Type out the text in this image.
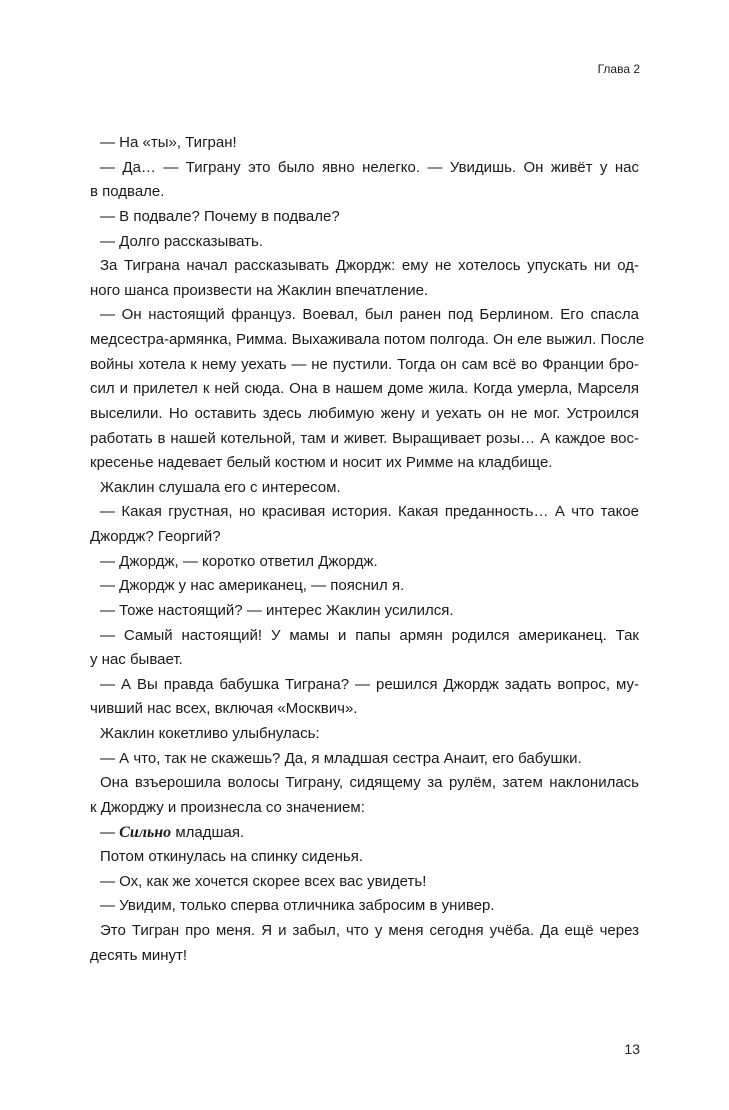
Глава 2
— На «ты», Тигран!
— Да… — Тиграну это было явно нелегко. — Увидишь. Он живёт у нас
в подвале.
— В подвале? Почему в подвале?
— Долго рассказывать.
За Тиграна начал рассказывать Джордж: ему не хотелось упускать ни од-
ного шанса произвести на Жаклин впечатление.
— Он настоящий француз. Воевал, был ранен под Берлином. Его спасла
медсестра-армянка, Римма. Выхаживала потом полгода. Он еле выжил. После
войны хотела к нему уехать — не пустили. Тогда он сам всё во Франции бро-
сил и прилетел к ней сюда. Она в нашем доме жила. Когда умерла, Марселя
выселили. Но оставить здесь любимую жену и уехать он не мог. Устроился
работать в нашей котельной, там и живет. Выращивает розы… А каждое вос-
кресенье надевает белый костюм и носит их Римме на кладбище.
Жаклин слушала его с интересом.
— Какая грустная, но красивая история. Какая преданность… А что такое
Джордж? Георгий?
— Джордж, — коротко ответил Джордж.
— Джордж у нас американец, — пояснил я.
— Тоже настоящий? — интерес Жаклин усилился.
— Самый настоящий! У мамы и папы армян родился американец. Так
у нас бывает.
— А Вы правда бабушка Тиграна? — решился Джордж задать вопрос, му-
чивший нас всех, включая «Москвич».
Жаклин кокетливо улыбнулась:
— А что, так не скажешь? Да, я младшая сестра Анаит, его бабушки.
Она взъерошила волосы Тиграну, сидящему за рулём, затем наклонилась
к Джорджу и произнесла со значением:
— Сильно младшая.
Потом откинулась на спинку сиденья.
— Ох, как же хочется скорее всех вас увидеть!
— Увидим, только сперва отличника забросим в универ.
Это Тигран про меня. Я и забыл, что у меня сегодня учёба. Да ещё через
десять минут!
13
